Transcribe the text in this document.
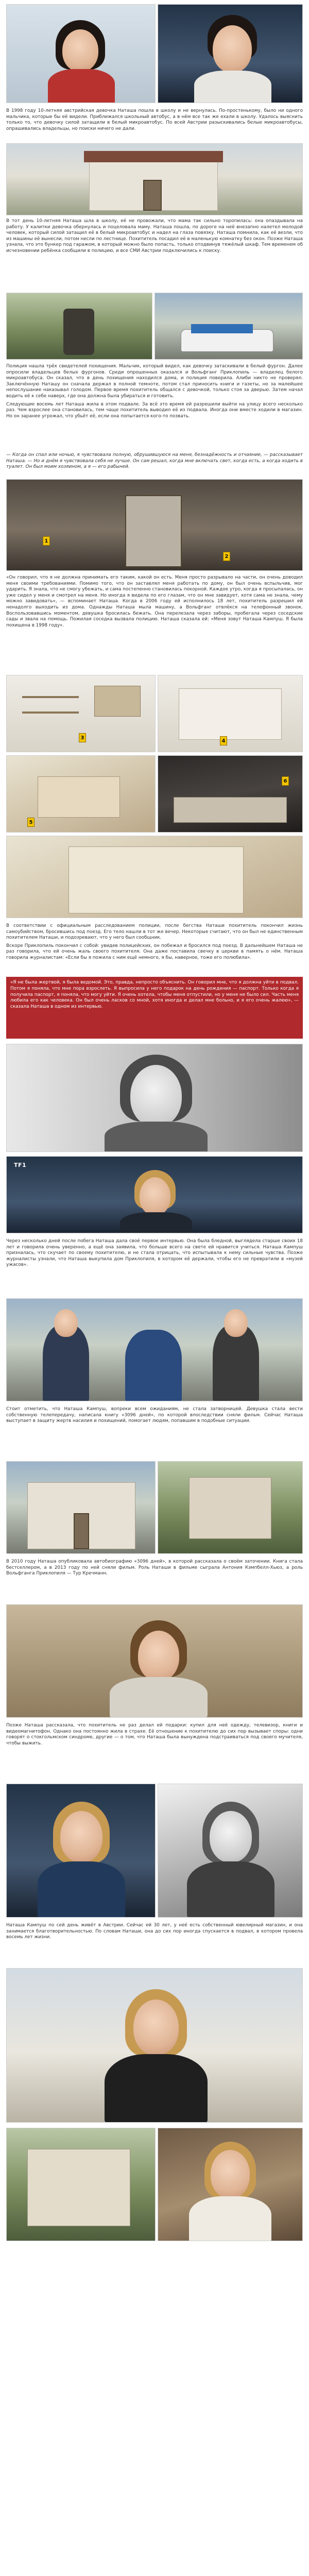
В 1998 году 10-летняя австрийская девочка Наташа пошла в школу и не вернулась. По-простенькому, было ни одного мальчика, которые бы её видели. Приближался школьный автобус, а в нём все так же ехали в школу. Удалось выяснить только то, что девочку силой затащили в белый микроавтобус. По всей Австрии разыскивались белые микроавтобусы, опрашивались владельцы, но поиски ничего не дали.

В тот день 10-летняя Наташа шла в школу, её не провожали, что мама так сильно торопилась: она опаздывала на работу. У калитки девочка обернулась и поцеловала маму. Наташа пошла, по дороге на неё внезапно налетел молодой человек, который силой затащил её в белый микроавтобус и надел на глаза повязку. Наташа помнила, как её везли, что из машины её вынесли, потом несли по лестнице. Похититель посадил её в маленькую комнатку без окон. Позже Наташа узнала, что это бункер под гаражом, в который можно было попасть, только отодвинув тяжёлый шкаф. Тем временем об исчезновении ребёнка сообщили в полицию, и все СМИ Австрии подключились к поиску.

Полиция нашла трёх свидетелей похищения. Мальчик, который видел, как девочку затаскивали в белый фургон. Далее опросили владельцев белых фургонов. Среди опрошенных оказался и Вольфганг Приклопиль — владелец белого микроавтобуса. Он сказал, что в день похищения находился дома, и полиция поверила. Алиби никто не проверял. Заключённую Наташу он сначала держал в полной темноте, потом стал приносить книги и газеты, но за малейшее непослушание наказывал голодом. Первое время похититель общался с девочкой, только стоя за дверью. Затем начал водить её к себе наверх, где она должна была убираться и готовить.

Следующие восемь лет Наташа жила в этом подвале. За всё это время ей разрешили выйти на улицу всего несколько раз. Чем взрослее она становилась, тем чаще похититель выводил её из подвала. Иногда они вместе ходили в магазин. Но он заранее угрожал, что убьёт её, если она попытается кого-то позвать.

— Когда он спал или ночью, я чувствовала полную, обрушившуюся на меня, безнадёжность и отчаяние, — рассказывает Наташа. — Но и днём я чувствовала себя не лучше. Он сам решал, когда мне включать свет, когда есть, а когда ходить в туалет. Он был моим хозяином, а я — его рабыней.

1
2

«Он говорил, что я не должна принимать его таким, какой он есть. Меня просто разрывало на части, он очень доводил меня своими требованиями. Помимо того, что он заставлял меня работать по дому, он был очень вспыльчив, мог ударить. Я знала, что не смогу убежать, и сама постепенно становилась покорной. Каждое утро, когда я просыпалась, он уже сидел у меня и смотрел на меня. Но иногда я видела по его глазам, что он мне завидует, хотя сама не знала, чему можно завидовать», — вспоминает Наташа. Когда в 2006 году ей исполнилось 18 лет, похититель разрешил ей ненадолго выходить из дома. Однажды Наташа мыла машину, а Вольфганг отвлёкся на телефонный звонок. Воспользовавшись моментом, девушка бросилась бежать. Она перелезала через заборы, пробегала через соседские сады и звала на помощь. Пожилая соседка вызвала полицию. Наташа сказала ей: «Меня зовут Наташа Кампуш. Я была похищена в 1998 году».

3
4
5
6

В соответствии с официальным расследованием полиции, после бегства Наташи похититель покончил жизнь самоубийством, бросившись под поезд. Его тело нашли в тот же вечер. Некоторые считают, что он был не единственным похитителем Наташи, и подозревают, что у него был сообщник.

Вскоре Приклопиль покончил с собой: увидев полицейских, он побежал и бросился под поезд. В дальнейшем Наташа не раз говорила, что ей очень жаль своего похитителя. Она даже поставила свечку в церкви в память о нём. Наташа говорила журналистам: «Если бы я пожила с ним ещё немного, я бы, наверное, тоже его полюбила».

«Я не была жертвой, я была ведомой. Это, правда, непросто объяснить. Он говорил мне, что я должна уйти в подвал. Потом я поняла, что мне пора взрослеть. Я выпросила у него подарок на день рождения — паспорт. Только когда я получила паспорт, я поняла, что могу уйти. Я очень хотела, чтобы меня отпустили, но у меня не было сил. Часть меня любила его как человека. Он был очень ласков со мной, хотя иногда и делал мне больно, и я его очень жалею», — сказала Наташа в одном из интервью.

TF1

Через несколько дней после побега Наташа дала своё первое интервью. Она была бледной, выглядела старше своих 18 лет и говорила очень уверенно, а ещё она заявила, что больше всего на свете ей нравится учиться. Наташа Кампуш призналась, что скучает по своему похитителю, и не стала отрицать, что испытывала к нему сильные чувства. Позже журналисты узнали, что Наташа выкупила дом Приклопиля, в котором её держали, чтобы его не превратили в «музей ужасов».

Стоит отметить, что Наташа Кампуш, вопреки всем ожиданиям, не стала затворницей. Девушка стала вести собственную телепередачу, написала книгу «3096 дней», по которой впоследствии сняли фильм. Сейчас Наташа выступает в защиту жертв насилия и похищений, помогает людям, попавшим в подобные ситуации.

В 2010 году Наташа опубликовала автобиографию «3096 дней», в которой рассказала о своём заточении. Книга стала бестселлером, а в 2013 году по ней сняли фильм. Роль Наташи в фильме сыграла Антония Кэмпбелл-Хьюз, а роль Вольфганга Приклопиля — Тур Кречманн.

Позже Наташа рассказала, что похититель не раз делал ей подарки: купил для неё одежду, телевизор, книги и видеомагнитофон. Однако она постоянно жила в страхе. Её отношение к похитителю до сих пор вызывает споры: одни говорят о стокгольмском синдроме, другие — о том, что Наташа была вынуждена подстраиваться под своего мучителя, чтобы выжить.

Наташа Кампуш по сей день живёт в Австрии. Сейчас ей 30 лет, у неё есть собственный ювелирный магазин, и она занимается благотворительностью. По словам Наташи, она до сих пор иногда спускается в подвал, в котором провела восемь лет жизни.
